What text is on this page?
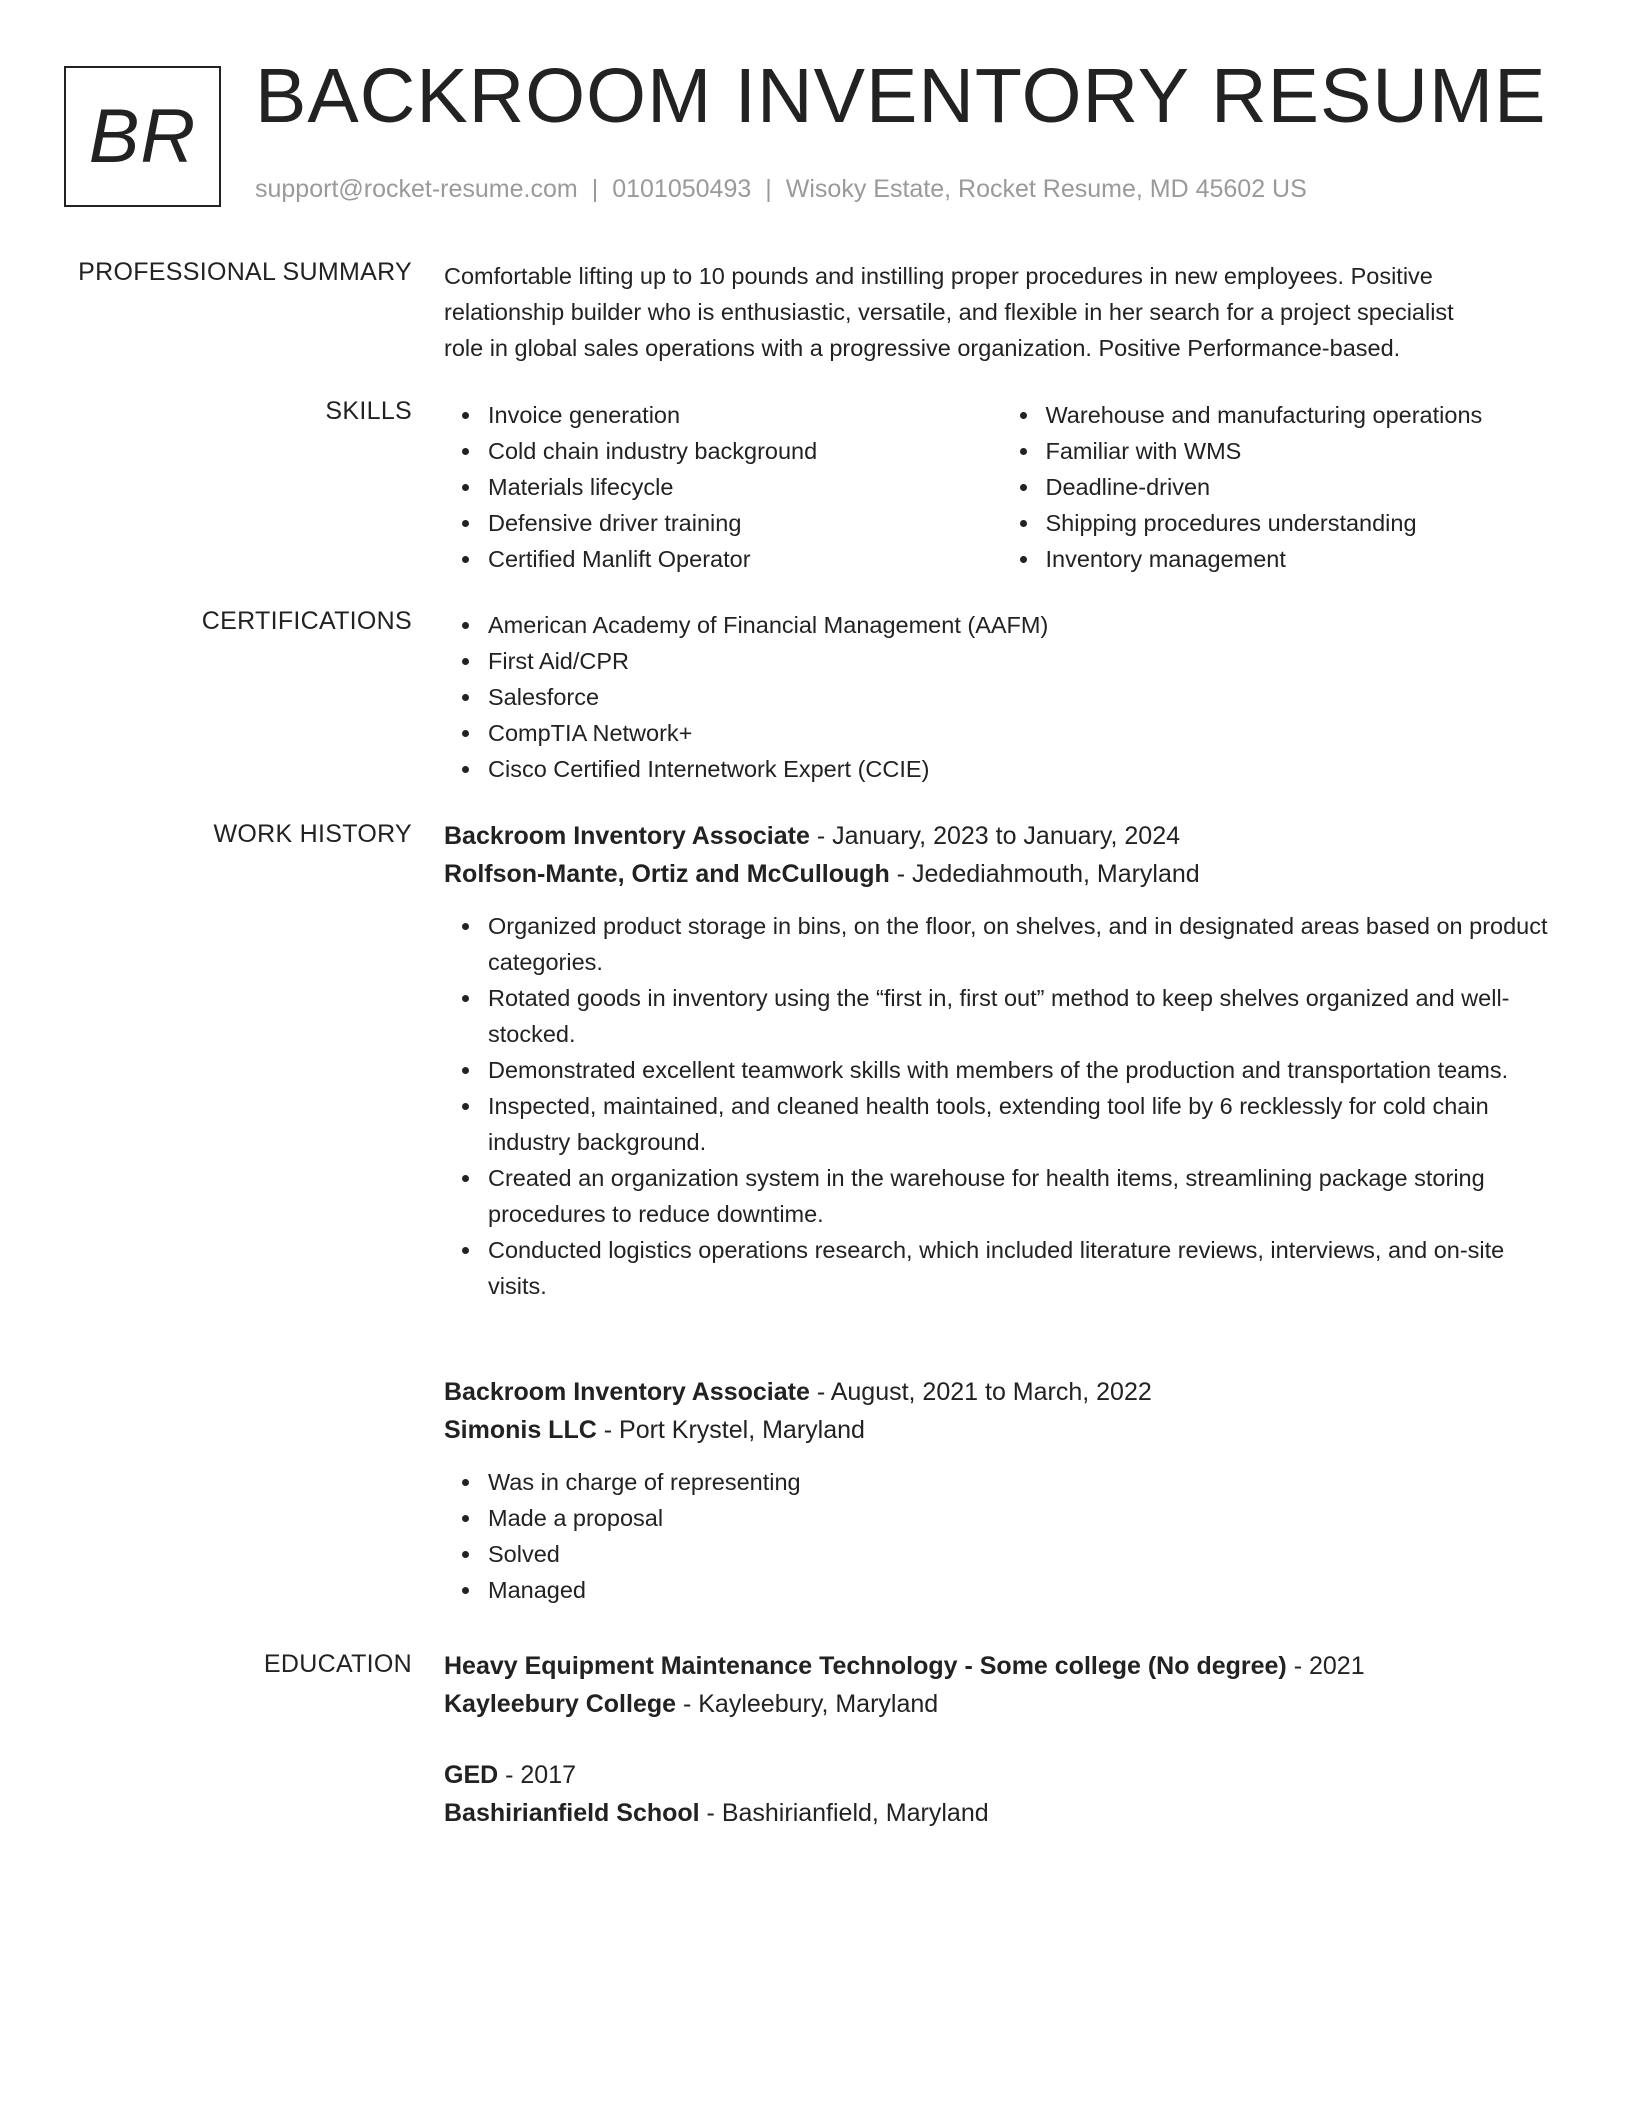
BR BACKROOM INVENTORY RESUME
support@rocket-resume.com | 0101050493 | Wisoky Estate, Rocket Resume, MD 45602 US
PROFESSIONAL SUMMARY Comfortable lifting up to 10 pounds and instilling proper procedures in new employees. Positive
relationship builder who is enthusiastic, versatile, and flexible in her search for a project specialist
role in global sales operations with a progressive organization. Positive Performance-based.
SKILLS	Invoice generation
Cold chain industry background
Materials lifecycle
Defensive driver training
Certified Manlift Operator
Warehouse and manufacturing operations
Familiar with WMS
Deadline-driven
Shipping procedures understanding
Inventory management
CERTIFICATIONS	American Academy of Financial Management (AAFM)
First Aid/CPR
Salesforce
CompTIA Network+
Cisco Certified Internetwork Expert (CCIE)
WORK HISTORY Backroom Inventory Associate - January, 2023 to January, 2024
Rolfson-Mante, Ortiz and McCullough - Jedediahmouth, Maryland
Organized product storage in bins, on the floor, on shelves, and in designated areas based on product categories.
Rotated goods in inventory using the “first in, first out” method to keep shelves organized and well-stocked.
Demonstrated excellent teamwork skills with members of the production and transportation teams.
Inspected, maintained, and cleaned health tools, extending tool life by 6 recklessly for cold chain industry background.
Created an organization system in the warehouse for health items, streamlining package storing procedures to reduce downtime.
Conducted logistics operations research, which included literature reviews, interviews, and on-site visits.
Backroom Inventory Associate - August, 2021 to March, 2022
Simonis LLC - Port Krystel, Maryland
Was in charge of representing
Made a proposal
Solved
Managed
EDUCATION Heavy Equipment Maintenance Technology - Some college (No degree) - 2021
Kayleebury College - Kayleebury, Maryland
GED - 2017
Bashirianfield School - Bashirianfield, Maryland
